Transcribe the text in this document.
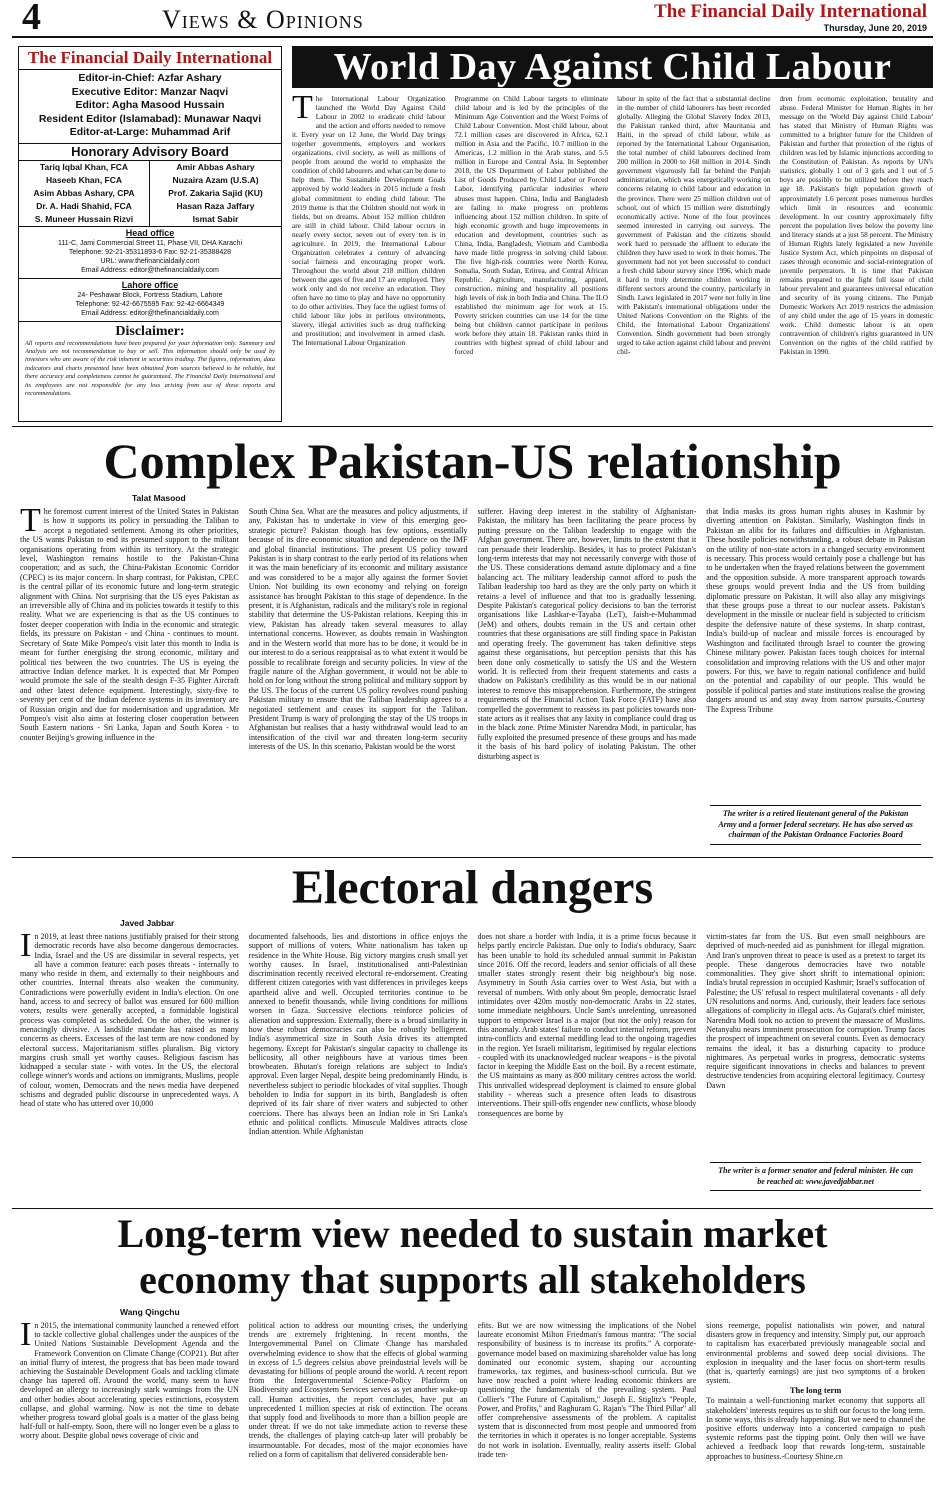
4	Views & Opinions	The Financial Daily International
Thursday, June 20, 2019
The Financial Daily International
Editor-in-Chief: Azfar Ashary
Executive Editor: Manzar Naqvi
Editor: Agha Masood Hussain
Resident Editor (Islamabad): Munawar Naqvi
Editor-at-Large: Muhammad Arif
Honorary Advisory Board
Tariq Iqbal Khan, FCA	Amir Abbas Ashary
Haseeb Khan, FCA	Nuzaira Azam (U.S.A)
Asim Abbas Ashary, CPA	Prof. Zakaria Sajid (KU)
Dr. A. Hadi Shahid, FCA	Hasan Raza Jaffary
S. Muneer Hussain Rizvi	Ismat Sabir
Head office
111-C, Jami Commercial Street 11, Phase VII, DHA Karachi
Telephone: 92-21-35311893-6 Fax: 92-21-35388428
URL: www.thefinancialdaily.com
Email Address: editor@thefinancialdaily.com
Lahore office
24- Peshawar Block, Fortress Stadium, Lahore
Telephone: 92-42-6675595 Fax: 92-42-6664349
Email Address: editor@thefinancialdaily.com
Disclaimer:
All reports and recommendations have been prepared for your information only. Summary and Analysis are not recommendation to buy or sell. This information should only be used by investors who are aware of the risk inherent in securities trading. The figures, information, data indicators and charts presented have been obtained from sources believed to be reliable, but there accuracy and completeness cannot be guaranteed. The Financial Daily International and its employees are not responsible for any loss arising from use of these reports and recommendations.
World Day Against Child Labour
The International Labour Organization launched the World Day Against Child Labour in 2002 to eradicate child labour and the action and efforts needed to remove it. Every year on 12 June, the World Day brings together governments, employers and workers organizations, civil society, as well as millions of people from around the world to emphasize the condition of child labourers and what can be done to help them. The Sustainable Development Goals approved by world leaders in 2015 include a fresh global commitment to ending child labour. The 2019 theme is that the Children should not work in fields, but on dreams. About 152 million children are still in child labour. Child labour occurs in nearly every sector, seven out of every ten is in agriculture. In 2019, the International Labour Organization celebrates a century of advancing social fairness and encouraging proper work. Throughout the world about 218 million children between the ages of five and 17 are employed. They work only and do not receive an education. They often have no time to play and have no opportunity to do other activities. They face the ugliest forms of child labour like jobs in perilous environments, slavery, illegal activities such as drug trafficking and prostitution; and involvement in armed clash. The International Labour Organization
Programme on Child Labour targets to eliminate child labour and is led by the principles of the Minimum Age Convention and the Worst Forms of Child Labour Convention. Most child labour, about 72.1 million cases are discovered in Africa, 62.1 million in Asia and the Pacific, 10.7 million in the Americas, 1.2 million in the Arab states, and 5.5 million in Europe and Central Asia. In September 2018, the US Department of Labor published the List of Goods Produced by Child Labor or Forced Labor, identifying particular industries where abuses most happen. China, India and Bangladesh are failing to make progress on problems influencing about 152 million children. In spite of high economic growth and huge improvements in education and development, countries such as China, India, Bangladesh, Vietnam and Cambodia have made little progress in solving child labour. The five high-risk countries were North Korea, Somalia, South Sudan, Eritrea, and Central African Republic. Agriculture, manufacturing, apparel, construction, mining and hospitality all positions high levels of risk in both India and China. The ILO established the minimum age for work at 15. Poverty stricken countries can use 14 for the time being but children cannot participate in perilous work before they attain 18. Pakistan ranks third in countries with highest spread of child labour and forced
labour in spite of the fact that a substantial decline in the number of child labourers has been recorded globally. Alleging the Global Slavery Index 2013, the Pakistan ranked third, after Mauritania and Haiti, in the spread of child labour, while as reported by the International Labour Organisation, the total number of child labourers declined from 200 million in 2000 to 168 million in 2014. Sindh government vigorously fall far behind the Punjab administration, which was energetically working on concerns relating to child labour and education in the province. There were 25 million children out of school, out of which 15 million were disturbingly economically active. None of the four provinces seemed interested in carrying out surveys. The government of Pakistan and the citizens should work hard to persuade the affluent to educate the children they have used to work in their homes. The government had not yet been successful to conduct a fresh child labour survey since 1996, which made it hard to truly determine children working in different sectors around the country, particularly in Sindh. Laws legislated in 2017 were not fully in line with Pakistan's international obligations under the United Nations Convention on the Rights of the Child, the International Labour Organizations' Convention. Sindh government had been strongly urged to take action against child labour and prevent chil-
dren from economic exploitation, brutality and abuse. Federal Minister for Human Rights in her message on the 'World Day against Child Labour' has stated that Ministry of Human Rights was committed to a brighter future for the Children of Pakistan and further that protection of the rights of children was led by Islamic injunctions according to the Constitution of Pakistan. As reports by UN's statistics, globally 1 out of 3 girls and 1 out of 5 boys are possibly to be utilized before they reach age 18. Pakistan's high population growth of approximately 1.6 percent poses numerous hurdles which limit in resources and economic development. In our country approximately fifty percent the population lives below the poverty line and literacy stands at a just 58 percent. The Ministry of Human Rights lately legislated a new Juvenile Justice System Act, which pinpoints on disposal of cases through economic and social-reintegration of juvenile perpetrators. It is time that Pakistan remains prepared to the fight full issue of child labour prevalent and guarantees universal education and security of its young citizens. The Punjab Domestic Workers Act 2019 restricts the admission of any child under the age of 15 years in domestic work. Child domestic labour is an open contravention of children's rights guaranteed in UN Convention on the rights of the child ratified by Pakistan in 1990.
Complex Pakistan-US relationship
Talat Masood
The foremost current interest of the United States in Pakistan is how it supports its policy in persuading the Taliban to accept a negotiated settlement. Among its other priorities, the US wants Pakistan to end its presumed support to the militant organisations operating from within its territory. At the strategic level, Washington remains hostile to the Pakistan-China cooperation; and as such, the China-Pakistan Economic Corridor (CPEC) is its major concern. In sharp contrast, for Pakistan, CPEC is the central pillar of its economic future and long-term strategic alignment with China. Not surprising that the US eyes Pakistan as an irreversible ally of China and its policies towards it testify to this reality. What we are experiencing is that as the US continues to foster deeper cooperation with India in the economic and strategic fields, its pressure on Pakistan - and China - continues to mount. Secretary of State Mike Pompeo's visit later this month to India is meant for further energising the strong economic, military and political ties between the two countries. The US is eyeing the attractive Indian defence market. It is expected that Mr Pompeo would promote the sale of the stealth design F-35 Fighter Aircraft and other latest defence equipment. Interestingly, sixty-five to seventy per cent of the Indian defence systems in its inventory are of Russian origin and due for modernisation and upgradation. Mr Pompeo's visit also aims at fostering closer cooperation between South Eastern nations - Sri Lanka, Japan and South Korea - to counter Beijing's growing influence in the
South China Sea. What are the measures and policy adjustments, if any, Pakistan has to undertake in view of this emerging geo-strategic picture? Pakistan though has few options, essentially because of its dire economic situation and dependence on the IMF and global financial institutions. The present US policy toward Pakistan is in sharp contrast to the early period of its relations when it was the main beneficiary of its economic and military assistance and was considered to be a major ally against the former Soviet Union. Not building its own economy and relying on foreign assistance has brought Pakistan to this stage of dependence. In the present, it is Afghanistan, radicals and the military's role in regional stability that determine the US-Pakistan relations. Keeping this in view, Pakistan has already taken several measures to allay international concerns. However, as doubts remain in Washington and in the Western world that more has to be done, it would be in our interest to do a serious reappraisal as to what extent it would be possible to recalibrate foreign and security policies. In view of the fragile nature of the Afghan government, it would not be able to hold on for long without the strong political and military support by the US. The focus of the current US policy revolves round pushing Pakistan military to ensure that the Taliban leadership agrees to a negotiated settlement and ceases its support for the Taliban. President Trump is wary of prolonging the stay of the US troops in Afghanistan but realises that a hasty withdrawal would lead to an intensification of the civil war and threaten long-term security interests of the US. In this scenario, Pakistan would be the worst
sufferer. Having deep interest in the stability of Afghanistan-Pakistan, the military has been facilitating the peace process by putting pressure on the Taliban leadership to engage with the Afghan government. There are, however, limits to the extent that it can persuade their leadership. Besides, it has to protect Pakistan's long-term interests that may not necessarily converge with those of the US. These considerations demand astute diplomacy and a fine balancing act. The military leadership cannot afford to push the Taliban leadership too hard as they are the only party on which it retains a level of influence and that too is gradually lessening. Despite Pakistan's categorical policy decisions to ban the terrorist organisations like Lashkar-e-Tayaba (LeT), Jaish-e-Muhammad (JeM) and others, doubts remain in the US and certain other countries that these organisations are still finding space in Pakistan and operating freely. The government has taken definitive steps against these organisations, but perception persists that this has been done only cosmetically to satisfy the US and the Western world. It is reflected from their frequent statements and casts a shadow on Pakistan's credibility as this would be in our national interest to remove this misapprehension. Furthermore, the stringent requirements of the Financial Action Task Force (FATF) have also compelled the government to reassess its past policies towards non-state actors as it realises that any laxity in compliance could drag us in the black zone. Prime Minister Narendra Modi, in particular, has fully exploited the presumed presence of these groups and has made it the basis of his hard policy of isolating Pakistan. The other disturbing aspect is
that India masks its gross human rights abuses in Kashmir by diverting attention on Pakistan. Similarly, Washington finds in Pakistan an alibi for its failures and difficulties in Afghanistan. These hostile policies notwithstanding, a robust debate in Pakistan on the utility of non-state actors in a changed security environment is necessary. This process would certainly pose a challenge but has to be undertaken when the frayed relations between the government and the opposition subside. A more transparent approach towards these groups would prevent India and the US from building diplomatic pressure on Pakistan. It will also allay any misgivings that these groups pose a threat to our nuclear assets. Pakistan's development in the missile or nuclear field is subjected to criticism despite the defensive nature of these systems. In sharp contrast, India's build-up of nuclear and missile forces is encouraged by Washington and facilitated through Israel to counter the growing Chinese military power. Pakistan faces tough choices for internal consolidation and improving relations with the US and other major powers. For this, we have to regain national confidence and build on the potential and capability of our people. This would be possible if political parties and state institutions realise the growing dangers around us and stay away from narrow pursuits.-Courtesy The Express Tribune
The writer is a retired lieutenant general of the Pakistan Army and a former federal secretary. He has also served as chairman of the Pakistan Ordnance Factories Board
Electoral dangers
Javed Jabbar
In 2019, at least three nations justifiably praised for their strong democratic records have also become dangerous democracies. India, Israel and the US are dissimilar in several respects, yet all have a common feature: each poses threats - internally to many who reside in them, and externally to their neighbours and other countries. Internal threats also weaken the community. Contradictions were powerfully evident in India's election. On one hand, access to and secrecy of ballot was ensured for 600 million voters, results were generally accepted, a formidable logistical process was completed as scheduled. On the other, the winner is menacingly divisive. A landslide mandate has raised as many concerns as cheers. Excesses of the last term are now condoned by electoral success. Majoritarianism stifles pluralism. Big victory margins crush small yet worthy causes. Religious fascism has kidnapped a secular state - with votes. In the US, the electoral college winner's words and actions on immigrants, Muslims, people of colour, women, Democrats and the news media have deepened schisms and degraded public discourse in unprecedented ways. A head of state who has uttered over 10,000
documented falsehoods, lies and distortions in office enjoys the support of millions of voters. White nationalism has taken up residence in the White House. Big victory margins crush small yet worthy causes. In Israel, institutionalised anti-Palestinian discrimination recently received electoral re-endorsement. Creating different citizen categories with vast differences in privileges keeps apartheid alive and well. Occupied territories continue to be annexed to benefit thousands, while living conditions for millions worsen in Gaza. Successive elections reinforce policies of alienation and suppression. Externally, there is a broad similarity in how these robust democracies can also be robustly belligerent. India's asymmetrical size in South Asia drives its attempted hegemony. Except for Pakistan's singular capacity to challenge its bellicosity, all other neighbours have at various times been browbeaten. Bhutan's foreign relations are subject to India's approval. Even larger Nepal, despite being predominantly Hindu, is nevertheless subject to periodic blockades of vital supplies. Though beholden to India for support in its birth, Bangladesh is often deprived of its fair share of river waters and subjected to other coercions. There has always been an Indian role in Sri Lanka's ethnic and political conflicts. Minuscule Maldives attracts close Indian attention. While Afghanistan
does not share a border with India, it is a prime focus because it helps partly encircle Pakistan. Due only to India's obduracy, Saarc has been unable to hold its scheduled annual summit in Pakistan since 2016. Off the record, leaders and senior officials of all these smaller states strongly resent their big neighbour's big nose. Asymmetry in South Asia carries over to West Asia, but with a reversal of numbers. With only about 9m people, democratic Israel intimidates over 420m mostly non-democratic Arabs in 22 states, some immediate neighbours. Uncle Sam's unrelenting, unreasoned support to empower Israel is a major (but not the only) reason for this anomaly. Arab states' failure to conduct internal reform, prevent intra-conflicts and external meddling lead to the ongoing tragedies in the region. Yet Israeli militarism, legitimised by regular elections - coupled with its unacknowledged nuclear weapons - is the pivotal factor in keeping the Middle East on the boil. By a recent estimate, the US maintains as many as 800 military centres across the world. This unrivalled widespread deployment is claimed to ensure global stability - whereas such a presence often leads to disastrous interventions. Their spill-offs engender new conflicts, whose bloody consequences are borne by
victim-states far from the US. But even small neighbours are deprived of much-needed aid as punishment for illegal migration. And Iran's unproven threat to peace is used as a pretext to target its people. These dangerous democracies have two notable commonalities. They give short shrift to international opinion: India's brutal repression in occupied Kashmir; Israel's suffocation of Palestine; the US' refusal to respect multilateral covenants - all defy UN resolutions and norms. And, curiously, their leaders face serious allegations of complicity in illegal acts. As Gujarat's chief minister, Narendra Modi took no action to prevent the massacre of Muslims. Netanyahu nears imminent prosecution for corruption. Trump faces the prospect of impeachment on several counts. Even as democracy remains the ideal, it has a disturbing capacity to produce nightmares. As perpetual works in progress, democratic systems require significant innovations in checks and balances to prevent destructive tendencies from acquiring electoral legitimacy. Courtesy Dawn
The writer is a former senator and federal minister. He can be reached at: www.javedjabbar.net
Long-term view needed to sustain market
economy that supports all stakeholders
Wang Qingchu
In 2015, the international community launched a renewed effort to tackle collective global challenges under the auspices of the United Nations Sustainable Development Agenda and the Framework Convention on Climate Change (COP21). But after an initial flurry of interest, the progress that has been made toward achieving the Sustainable Development Goals and tackling climate change has tapered off. Around the world, many seem to have developed an allergy to increasingly stark warnings from the UN and other bodies about accelerating species extinctions, ecosystem collapse, and global warming. Now is not the time to debate whether progress toward global goals is a matter of the glass being half-full or half-empty. Soon, there will no longer even be a glass to worry about. Despite global news coverage of civic and
political action to address our mounting crises, the underlying trends are extremely frightening. In recent months, the Intergovernmental Panel on Climate Change has marshaled overwhelming evidence to show that the effects of global warming in excess of 1.5 degrees celsius above preindustrial levels will be devastating for billions of people around the world. A recent report from the Intergovernmental Science-Policy Platform on Biodiversity and Ecosystem Services serves as yet another wake-up call. Human activities, the report concludes, have put an unprecedented 1 million species at risk of extinction. The oceans that supply food and livelihoods to more than a billion people are under threat. If we do not take immediate action to reverse these trends, the challenges of playing catch-up later will probably be insurmountable. For decades, most of the major economies have relied on a form of capitalism that delivered considerable ben-
efits. But we are now witnessing the implications of the Nobel laureate economist Milton Friedman's famous mantra: "The social responsibility of business is to increase its profits." A corporate-governance model based on maximizing shareholder value has long dominated our economic system, shaping our accounting frameworks, tax regimes, and business-school curricula. But we have now reached a point where leading economic thinkers are questioning the fundamentals of the prevailing system. Paul Collier's "The Future of Capitalism," Joseph E. Stiglitz's "People, Power, and Profits," and Raghuram G. Rajan's "The Third Pillar" all offer comprehensive assessments of the problem. A capitalist system that is disconnected from most people and unmoored from the territories in which it operates is no longer acceptable. Systems do not work in isolation. Eventually, reality asserts itself: Global trade ten-
sions reemerge, populist nationalists win power, and natural disasters grow in frequency and intensity. Simply put, our approach to capitalism has exacerbated previously manageable social and environmental problems and sowed deep social divisions. The explosion in inequality and the laser focus on short-term results (that is, quarterly earnings) are just two symptoms of a broken system.
The long term
To maintain a well-functioning market economy that supports all stakeholders' interests requires us to shift our focus to the long term. In some ways, this is already happening. But we need to channel the positive efforts underway into a concerted campaign to push systemic reforms past the tipping point. Only then will we have achieved a feedback loop that rewards long-term, sustainable approaches to business.-Courtesy Shine.cn
